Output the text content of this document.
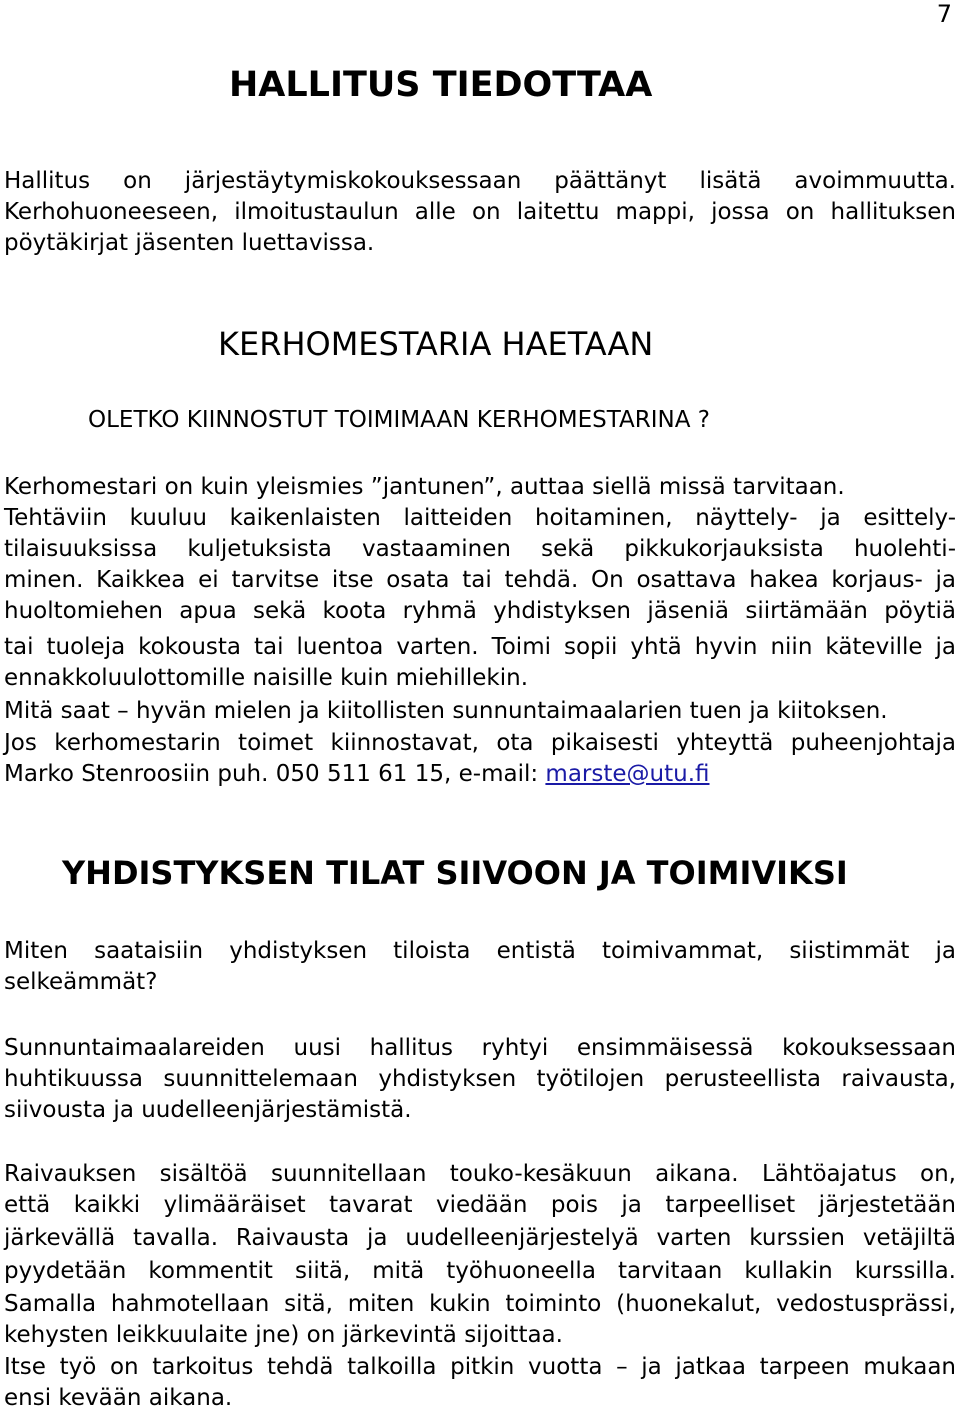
7
HALLITUS TIEDOTTAA
Hallitus on järjestäytymiskokouksessaan päättänyt lisätä avoimmuutta.
Kerhohuoneeseen, ilmoitustaulun alle on laitettu mappi, jossa on hallituksen
pöytäkirjat jäsenten luettavissa.
KERHOMESTARIA HAETAAN
OLETKO KIINNOSTUT TOIMIMAAN KERHOMESTARINA ?
Kerhomestari on kuin yleismies ”jantunen”, auttaa siellä missä tarvitaan.
Tehtäviin kuuluu kaikenlaisten laitteiden hoitaminen, näyttely- ja esittely-
tilaisuuksissa kuljetuksista vastaaminen sekä pikkukorjauksista huolehti-
minen. Kaikkea ei tarvitse itse osata tai tehdä. On osattava hakea korjaus- ja
huoltomiehen apua sekä koota ryhmä yhdistyksen jäseniä siirtämään pöytiä
tai tuoleja kokousta tai luentoa varten. Toimi sopii yhtä hyvin niin käteville ja
ennakkoluulottomille naisille kuin miehillekin.
Mitä saat – hyvän mielen ja kiitollisten sunnuntaimaalarien tuen ja kiitoksen.
Jos kerhomestarin toimet kiinnostavat, ota pikaisesti yhteyttä puheenjohtaja
Marko Stenroosiin puh. 050 511 61 15, e-mail: marste@utu.fi
YHDISTYKSEN TILAT SIIVOON JA TOIMIVIKSI
Miten saataisiin yhdistyksen tiloista entistä toimivammat, siistimmät ja
selkeämmät?
Sunnuntaimaalareiden uusi hallitus ryhtyi ensimmäisessä kokouksessaan
huhtikuussa suunnittelemaan yhdistyksen työtilojen perusteellista raivausta,
siivousta ja uudelleenjärjestämistä.
Raivauksen sisältöä suunnitellaan touko-kesäkuun aikana. Lähtöajatus on,
että kaikki ylimääräiset tavarat viedään pois ja tarpeelliset järjestetään
järkevällä tavalla. Raivausta ja uudelleenjärjestelyä varten kurssien vetäjiltä
pyydetään kommentit siitä, mitä työhuoneella tarvitaan kullakin kurssilla.
Samalla hahmotellaan sitä, miten kukin toiminto (huonekalut, vedostusprässi,
kehysten leikkuulaite jne) on järkevintä sijoittaa.
Itse työ on tarkoitus tehdä talkoilla pitkin vuotta – ja jatkaa tarpeen mukaan
ensi kevään aikana.
